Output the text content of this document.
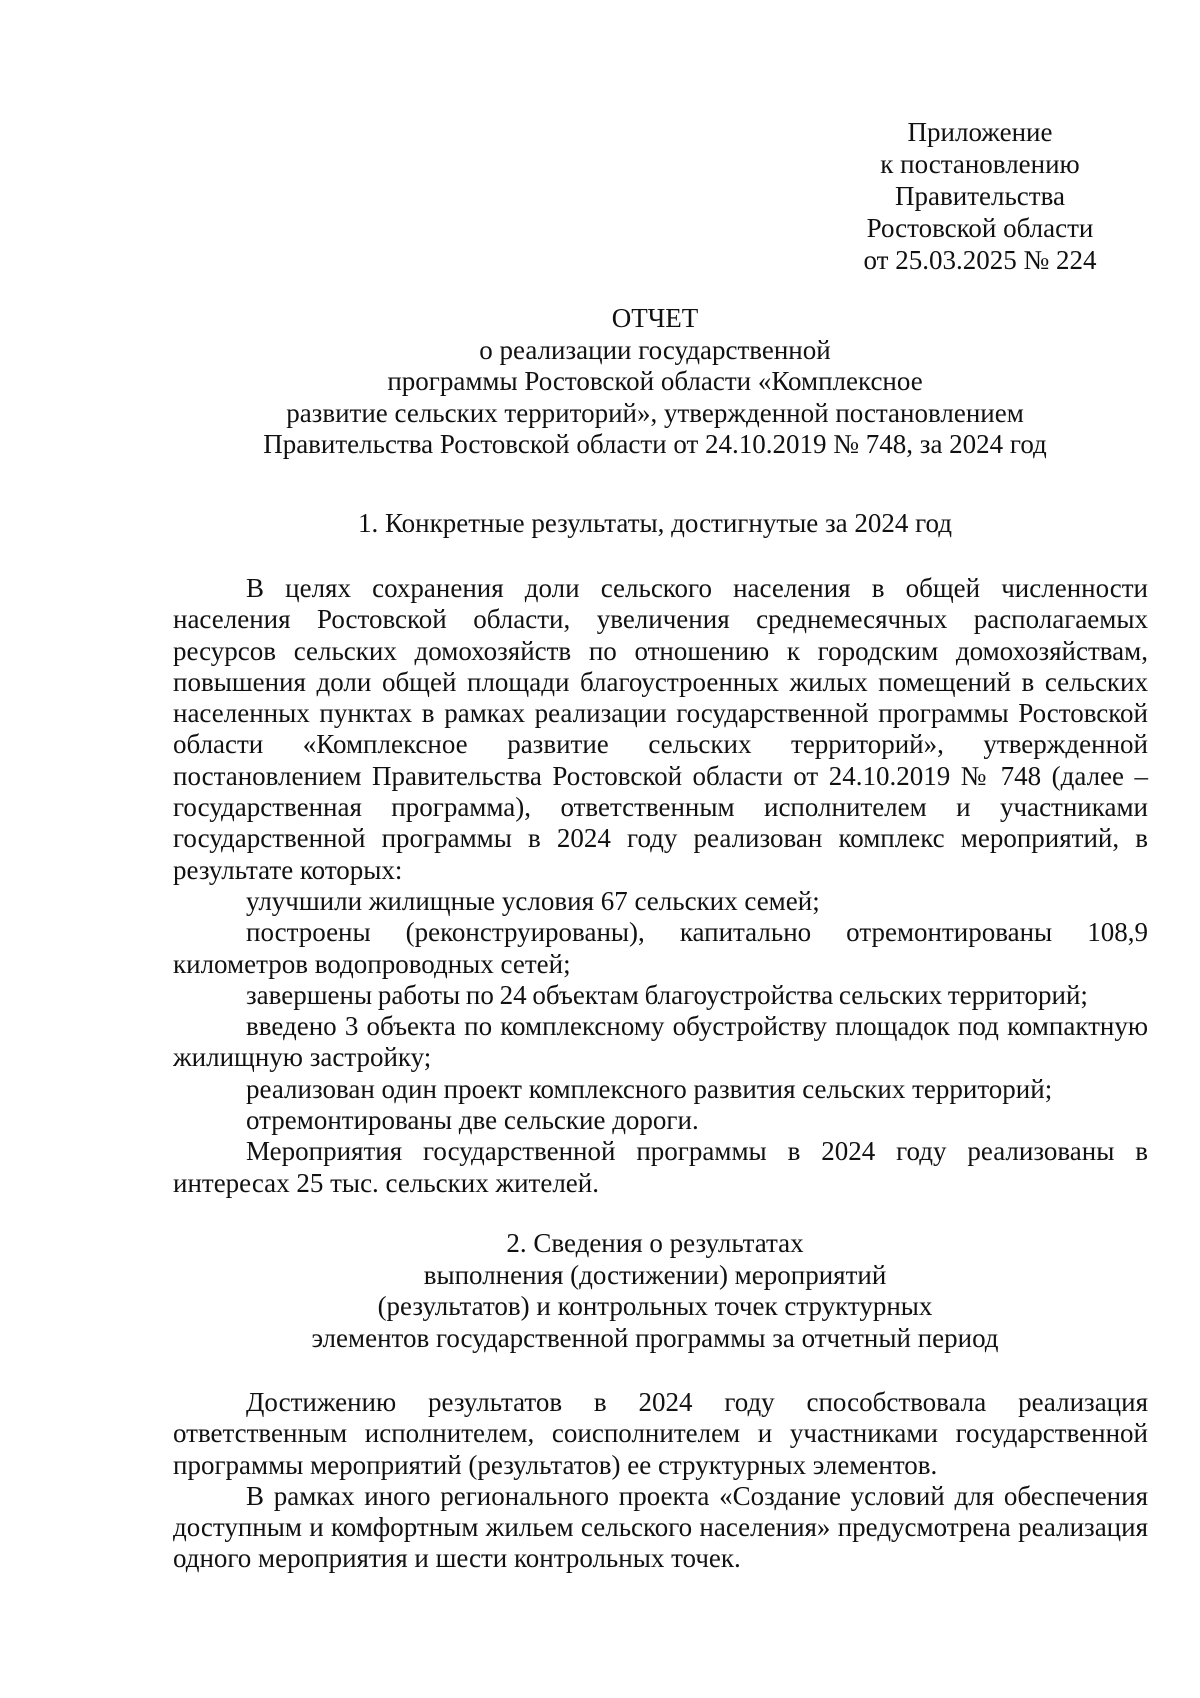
Приложение
к постановлению
Правительства
Ростовской области
от 25.03.2025 № 224
ОТЧЕТ
о реализации государственной
программы Ростовской области «Комплексное
развитие сельских территорий», утвержденной постановлением
Правительства Ростовской области от 24.10.2019 № 748, за 2024 год
1. Конкретные результаты, достигнутые за 2024 год
В целях сохранения доли сельского населения в общей численности населения Ростовской области, увеличения среднемесячных располагаемых ресурсов сельских домохозяйств по отношению к городским домохозяйствам, повышения доли общей площади благоустроенных жилых помещений в сельских населенных пунктах в рамках реализации государственной программы Ростовской области «Комплексное развитие сельских территорий», утвержденной постановлением Правительства Ростовской области от 24.10.2019 № 748 (далее – государственная программа), ответственным исполнителем и участниками государственной программы в 2024 году реализован комплекс мероприятий, в результате которых:
улучшили жилищные условия 67 сельских семей;
построены (реконструированы), капитально отремонтированы 108,9 километров водопроводных сетей;
завершены работы по 24 объектам благоустройства сельских территорий;
введено 3 объекта по комплексному обустройству площадок под компактную жилищную застройку;
реализован один проект комплексного развития сельских территорий;
отремонтированы две сельские дороги.
Мероприятия государственной программы в 2024 году реализованы в интересах 25 тыс. сельских жителей.
2. Сведения о результатах
выполнения (достижении) мероприятий
(результатов) и контрольных точек структурных
элементов государственной программы за отчетный период
Достижению результатов в 2024 году способствовала реализация ответственным исполнителем, соисполнителем и участниками государственной программы мероприятий (результатов) ее структурных элементов.
В рамках иного регионального проекта «Создание условий для обеспечения доступным и комфортным жильем сельского населения» предусмотрена реализация одного мероприятия и шести контрольных точек.
